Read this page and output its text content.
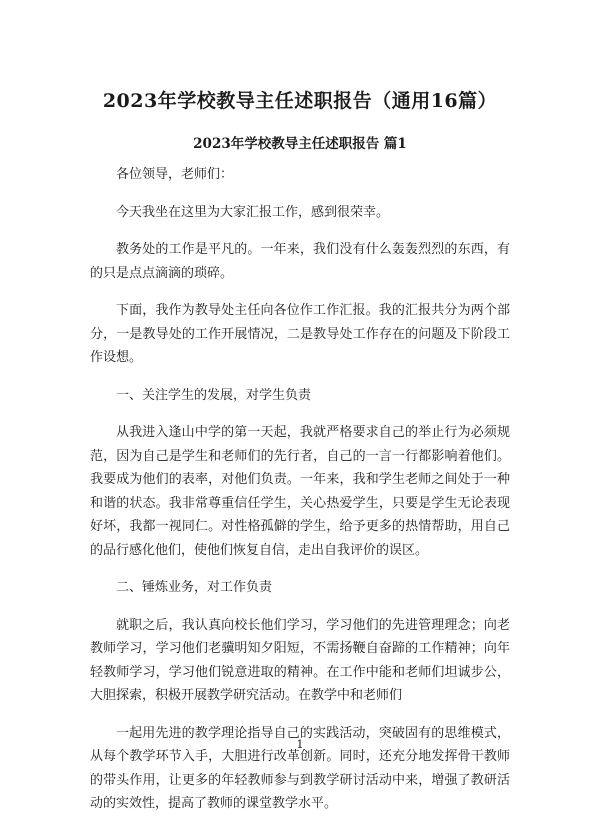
2023年学校教导主任述职报告（通用16篇）
2023年学校教导主任述职报告 篇1

各位领导，老师们：

今天我坐在这里为大家汇报工作，感到很荣幸。

教务处的工作是平凡的。一年来，我们没有什么轰轰烈烈的东西，有的只是点点滴滴的琐碎。

下面，我作为教导处主任向各位作工作汇报。我的汇报共分为两个部分，一是教导处的工作开展情况，二是教导处工作存在的问题及下阶段工作设想。

一、关注学生的发展，对学生负责

从我进入逢山中学的第一天起，我就严格要求自己的举止行为必须规范，因为自己是学生和老师们的先行者，自己的一言一行都影响着他们。我要成为他们的表率，对他们负责。一年来，我和学生老师之间处于一种和谐的状态。我非常尊重信任学生，关心热爱学生，只要是学生无论表现好坏，我都一视同仁。对性格孤僻的学生，给予更多的热情帮助，用自己的品行感化他们，使他们恢复自信，走出自我评价的误区。

二、锤炼业务，对工作负责

就职之后，我认真向校长他们学习，学习他们的先进管理理念；向老教师学习，学习他们老骥明知夕阳短，不需扬鞭自奋蹄的工作精神；向年轻教师学习，学习他们锐意进取的精神。在工作中能和老师们坦诚步公，大胆探索，积极开展教学研究活动。在教学中和老师们

一起用先进的教学理论指导自己的实践活动，突破固有的思维模式，从每个教学环节入手，大胆进行改革创新。同时，还充分地发挥骨干教师的带头作用，让更多的年轻教师参与到教学研讨活动中来，增强了教研活动的实效性，提高了教师的课堂教学水平。

1
